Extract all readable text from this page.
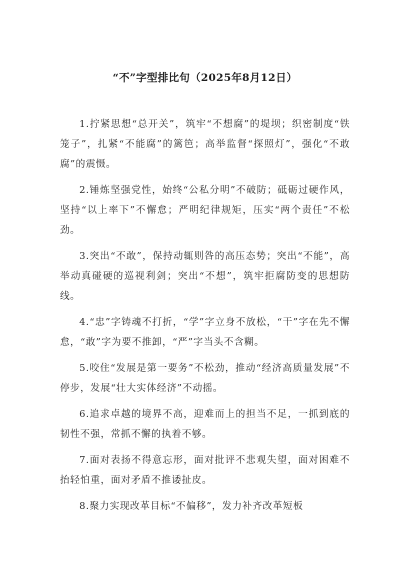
“不”字型排比句（2025年8月12日）

1.拧紧思想“总开关”，筑牢“不想腐”的堤坝；织密制度“铁笼子”，扎紧“不能腐”的篱笆；高举监督“探照灯”，强化“不敢腐”的震慑。

2.锤炼坚强党性，始终“公私分明”不破防；砥砺过硬作风，坚持“以上率下”不懈怠；严明纪律规矩，压实“两个责任”不松劲。

3.突出“不敢”，保持动辄则咎的高压态势；突出“不能”，高举动真碰硬的巡视利剑；突出“不想”，筑牢拒腐防变的思想防线。

4.“忠”字铸魂不打折，“学”字立身不放松，“干”字在先不懈怠，“敢”字为要不推卸，“严”字当头不含糊。

5.咬住“发展是第一要务”不松劲，推动“经济高质量发展”不停步，发展“壮大实体经济”不动摇。

6.追求卓越的境界不高，迎难而上的担当不足，一抓到底的韧性不强，常抓不懈的执着不够。

7.面对表扬不得意忘形，面对批评不悲观失望，面对困难不抬轻怕重，面对矛盾不推诿扯皮。

8.聚力实现改革目标“不偏移”，发力补齐改革短板
